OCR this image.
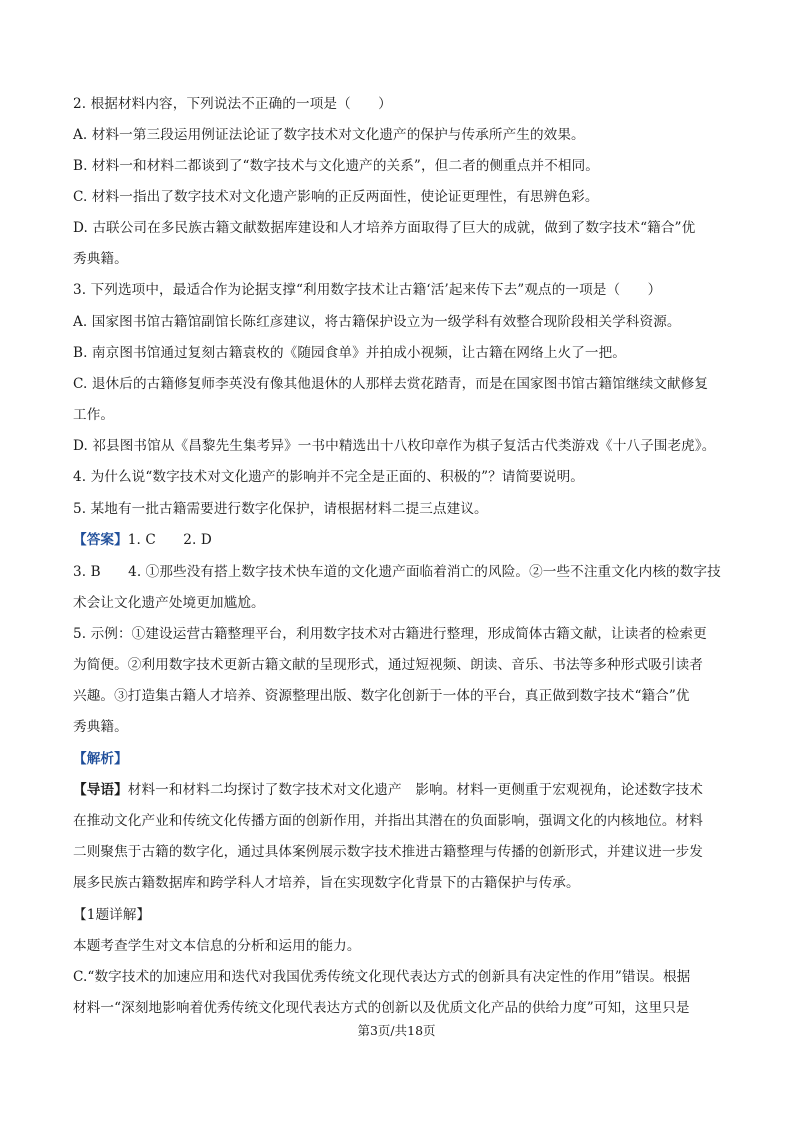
2. 根据材料内容，下列说法不正确的一项是（　　）
A. 材料一第三段运用例证法论证了数字技术对文化遗产的保护与传承所产生的效果。
B. 材料一和材料二都谈到了“数字技术与文化遗产的关系”，但二者的侧重点并不相同。
C. 材料一指出了数字技术对文化遗产影响的正反两面性，使论证更理性，有思辨色彩。
D. 古联公司在多民族古籍文献数据库建设和人才培养方面取得了巨大的成就，做到了数字技术“籍合”优
秀典籍。
3. 下列选项中，最适合作为论据支撑“利用数字技术让古籍‘活’起来传下去”观点的一项是（　　）
A. 国家图书馆古籍馆副馆长陈红彦建议，将古籍保护设立为一级学科有效整合现阶段相关学科资源。
B. 南京图书馆通过复刻古籍袁枚的《随园食单》并拍成小视频，让古籍在网络上火了一把。
C. 退休后的古籍修复师李英没有像其他退休的人那样去赏花踏青，而是在国家图书馆古籍馆继续文献修复
工作。
D. 祁县图书馆从《昌黎先生集考异》一书中精选出十八枚印章作为棋子复活古代类游戏《十八子围老虎》。
4. 为什么说“数字技术对文化遗产的影响并不完全是正面的、积极的”？请简要说明。
5. 某地有一批古籍需要进行数字化保护，请根据材料二提三点建议。
【答案】1. C　　2. D
3. B　　4. ①那些没有搭上数字技术快车道的文化遗产面临着消亡的风险。②一些不注重文化内核的数字技
术会让文化遗产处境更加尴尬。
5. 示例：①建设运营古籍整理平台，利用数字技术对古籍进行整理，形成简体古籍文献，让读者的检索更
为简便。②利用数字技术更新古籍文献的呈现形式，通过短视频、朗读、音乐、书法等多种形式吸引读者
兴趣。③打造集古籍人才培养、资源整理出版、数字化创新于一体的平台，真正做到数字技术“籍合”优
秀典籍。
【解析】
【导语】材料一和材料二均探讨了数字技术对文化遗产　影响。材料一更侧重于宏观视角，论述数字技术
在推动文化产业和传统文化传播方面的创新作用，并指出其潜在的负面影响，强调文化的内核地位。材料
二则聚焦于古籍的数字化，通过具体案例展示数字技术推进古籍整理与传播的创新形式，并建议进一步发
展多民族古籍数据库和跨学科人才培养，旨在实现数字化背景下的古籍保护与传承。
【1题详解】
本题考查学生对文本信息的分析和运用的能力。
C.“数字技术的加速应用和迭代对我国优秀传统文化现代表达方式的创新具有决定性的作用”错误。根据
材料一“深刻地影响着优秀传统文化现代表达方式的创新以及优质文化产品的供给力度”可知，这里只是
第3页/共18页
